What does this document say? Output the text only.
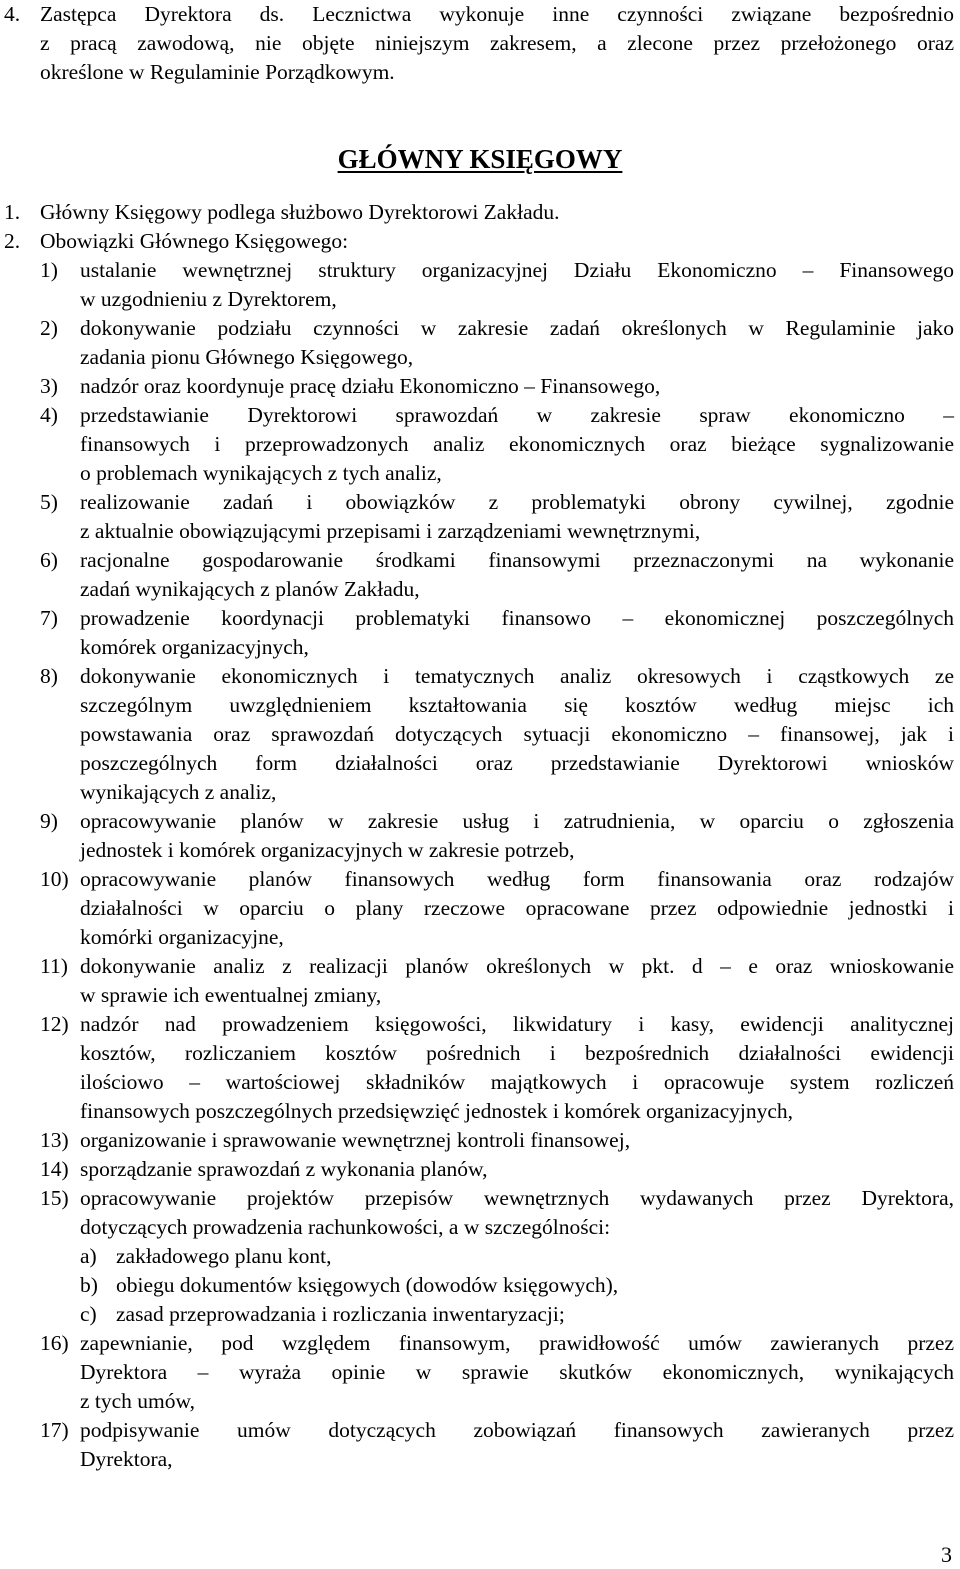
4. Zastępca Dyrektora ds. Lecznictwa wykonuje inne czynności związane bezpośrednio
z pracą zawodową, nie objęte niniejszym zakresem, a zlecone przez przełożonego oraz
określone w Regulaminie Porządkowym.
GŁÓWNY KSIĘGOWY
1. Główny Księgowy podlega służbowo Dyrektorowi Zakładu.
2. Obowiązki Głównego Księgowego:
1) ustalanie wewnętrznej struktury organizacyjnej Działu Ekonomiczno – Finansowego
w uzgodnieniu z Dyrektorem,
2) dokonywanie podziału czynności w zakresie zadań określonych w Regulaminie jako
zadania pionu Głównego Księgowego,
3) nadzór oraz koordynuje pracę działu Ekonomiczno – Finansowego,
4) przedstawianie Dyrektorowi sprawozdań w zakresie spraw ekonomiczno –
finansowych i przeprowadzonych analiz ekonomicznych oraz bieżące sygnalizowanie
o problemach wynikających z tych analiz,
5) realizowanie zadań i obowiązków z problematyki obrony cywilnej, zgodnie
z aktualnie obowiązującymi przepisami i zarządzeniami wewnętrznymi,
6) racjonalne gospodarowanie środkami finansowymi przeznaczonymi na wykonanie
zadań wynikających z planów Zakładu,
7) prowadzenie koordynacji problematyki finansowo – ekonomicznej poszczególnych
komórek organizacyjnych,
8) dokonywanie ekonomicznych i tematycznych analiz okresowych i cząstkowych ze
szczególnym uwzględnieniem kształtowania się kosztów według miejsc ich
powstawania oraz sprawozdań dotyczących sytuacji ekonomiczno – finansowej, jak i
poszczególnych form działalności oraz przedstawianie Dyrektorowi wniosków
wynikających z analiz,
9) opracowywanie planów w zakresie usług i zatrudnienia, w oparciu o zgłoszenia
jednostek i komórek organizacyjnych w zakresie potrzeb,
10) opracowywanie planów finansowych według form finansowania oraz rodzajów
działalności w oparciu o plany rzeczowe opracowane przez odpowiednie jednostki i
komórki organizacyjne,
11) dokonywanie analiz z realizacji planów określonych w pkt. d – e oraz wnioskowanie
w sprawie ich ewentualnej zmiany,
12) nadzór nad prowadzeniem księgowości, likwidatury i kasy, ewidencji analitycznej
kosztów, rozliczaniem kosztów pośrednich i bezpośrednich działalności ewidencji
ilościowo – wartościowej składników majątkowych i opracowuje system rozliczeń
finansowych poszczególnych przedsięwzięć jednostek i komórek organizacyjnych,
13) organizowanie i sprawowanie wewnętrznej kontroli finansowej,
14) sporządzanie sprawozdań z wykonania planów,
15) opracowywanie projektów przepisów wewnętrznych wydawanych przez Dyrektora,
dotyczących prowadzenia rachunkowości, a w szczególności:
a) zakładowego planu kont,
b) obiegu dokumentów księgowych (dowodów księgowych),
c) zasad przeprowadzania i rozliczania inwentaryzacji;
16) zapewnianie, pod względem finansowym, prawidłowość umów zawieranych przez
Dyrektora – wyraża opinie w sprawie skutków ekonomicznych, wynikających
z tych umów,
17) podpisywanie umów dotyczących zobowiązań finansowych zawieranych przez
Dyrektora,
3
